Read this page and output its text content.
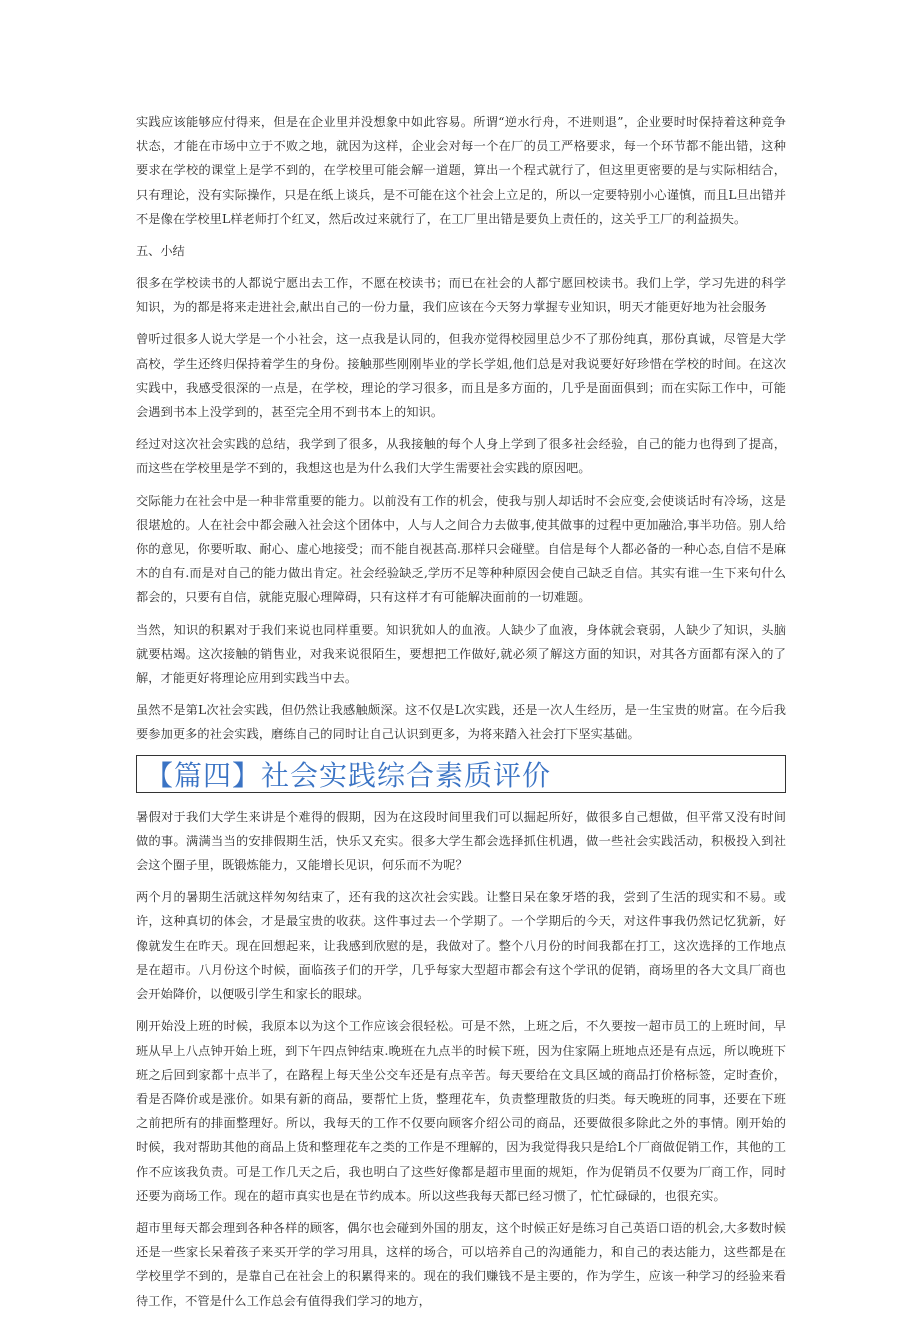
实践应该能够应付得来，但是在企业里并没想象中如此容易。所谓“逆水行舟，不进则退”，企业要时时保持着这种竞争状态，才能在市场中立于不败之地，就因为这样，企业会对每一个在厂的员工严格要求，每一个环节都不能出错，这种要求在学校的课堂上是学不到的，在学校里可能会解一道题，算出一个程式就行了，但这里更密要的是与实际相结合，只有理论，没有实际操作，只是在纸上谈兵，是不可能在这个社会上立足的，所以一定要特别小心谨慎，而且L旦出错并不是像在学校里L样老师打个红叉，然后改过来就行了，在工厂里出错是要负上责任的，这关乎工厂的利益损失。

五、小结

很多在学校读书的人都说宁愿出去工作，不愿在校读书；而已在社会的人都宁愿回校读书。我们上学，学习先进的科学知识，为的都是将来走进社会,献出自己的一份力量，我们应该在今天努力掌握专业知识，明天才能更好地为社会服务

曾听过很多人说大学是一个小社会，这一点我是认同的，但我亦觉得校园里总少不了那份纯真，那份真诚，尽管是大学高校，学生还终归保持着学生的身份。接触那些刚刚毕业的学长学姐,他们总是对我说要好好珍惜在学校的时间。在这次实践中，我感受很深的一点是，在学校，理论的学习很多，而且是多方面的，几乎是面面俱到；而在实际工作中，可能会遇到书本上没学到的，甚至完全用不到书本上的知识。

经过对这次社会实践的总结，我学到了很多，从我接触的每个人身上学到了很多社会经验，自己的能力也得到了提高，而这些在学校里是学不到的，我想这也是为什么我们大学生需要社会实践的原因吧。

交际能力在社会中是一种非常重要的能力。以前没有工作的机会，使我与别人却话时不会应变,会使谈话时有冷场，这是很堪尬的。人在社会中都会融入社会这个团体中，人与人之间合力去做事,使其做事的过程中更加融洽,事半功倍。别人给你的意见，你要听取、耐心、虚心地接受；而不能自视甚高.那样只会碰壁。自信是每个人都必备的一种心态,自信不是麻木的自有.而是对自己的能力做出肯定。社会经验缺乏,学历不足等种种原因会使自己缺乏自信。其实有谁一生下来句什么都会的，只要有自信，就能克服心理障碍，只有这样才有可能解决面前的一切难题。

当然，知识的积累对于我们来说也同样重要。知识犹如人的血液。人缺少了血液，身体就会衰弱，人缺少了知识，头脑就要枯竭。这次接触的销售业，对我来说很陌生，要想把工作做好,就必须了解这方面的知识，对其各方面都有深入的了解，才能更好将理论应用到实践当中去。

虽然不是第L次社会实践，但仍然让我感触颇深。这不仅是L次实践，还是一次人生经历，是一生宝贵的财富。在今后我要参加更多的社会实践，磨练自己的同时让自己认识到更多，为将来踏入社会打下坚实基础。

【篇四】社会实践综合素质评价

暑假对于我们大学生来讲是个难得的假期，因为在这段时间里我们可以掘起所好，做很多自己想做，但平常又没有时间做的事。满满当当的安排假期生活，快乐又充实。很多大学生都会选择抓住机遇，做一些社会实践活动，积极投入到社会这个圈子里，既锻炼能力，又能增长见识，何乐而不为呢？

两个月的暑期生活就这样匆匆结束了，还有我的这次社会实践。让整日呆在象牙塔的我，尝到了生活的现实和不易。或许，这种真切的体会，才是最宝贵的收获。这件事过去一个学期了。一个学期后的今天，对这件事我仍然记忆犹新，好像就发生在昨天。现在回想起来，让我感到欣慰的是，我做对了。整个八月份的时间我都在打工，这次选择的工作地点是在超市。八月份这个时候，面临孩子们的开学，几乎每家大型超市都会有这个学讯的促销，商场里的各大文具厂商也会开始降价，以便吸引学生和家长的眼球。

刚开始没上班的时候，我原本以为这个工作应该会很轻松。可是不然，上班之后，不久要按一超市员工的上班时间，早班从早上八点钟开始上班，到下午四点钟结束.晚班在九点半的时候下班，因为住家隔上班地点还是有点远，所以晚班下班之后回到家都十点半了，在路程上每天坐公交车还是有点辛苦。每天要给在文具区域的商品打价格标签，定时查价，看是否降价或是涨价。如果有新的商品，要帮忙上货，整理花车，负责整理散货的归类。每天晚班的同事，还要在下班之前把所有的排面整理好。所以，我每天的工作不仅要向顾客介绍公司的商品，还要做很多除此之外的事情。刚开始的时候，我对帮助其他的商品上货和整理花车之类的工作是不理解的，因为我觉得我只是给L个厂商做促销工作，其他的工作不应该我负责。可是工作几天之后，我也明白了这些好像都是超市里面的规矩，作为促销员不仅要为厂商工作，同时还要为商场工作。现在的超市真实也是在节约成本。所以这些我每天都已经习惯了，忙忙碌碌的，也很充实。

超市里每天都会理到各种各样的顾客，偶尔也会碰到外国的朋友，这个时候正好是练习自己英语口语的机会,大多数时候还是一些家长呆着孩子来买开学的学习用具，这样的场合，可以培养自己的沟通能力，和自己的表达能力，这些都是在学校里学不到的，是靠自己在社会上的积累得来的。现在的我们赚钱不是主要的，作为学生，应该一种学习的经验来看待工作，不管是什么工作总会有值得我们学习的地方，
